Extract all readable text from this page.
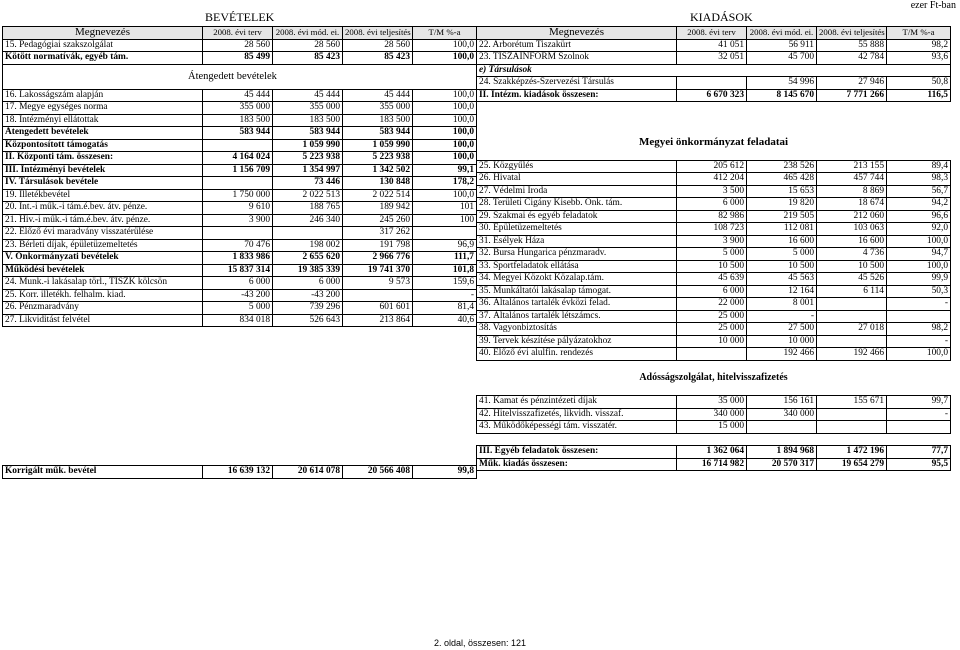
ezer Ft-ban
BEVÉTELEK	KIADÁSOK
Megnevezés	2008. évi terv	2008. évi mód. ei.	2008. évi teljesítés	T/M %-a
15. Pedagógiai szakszolgálat	28 560	28 560	28 560	100,0
Kötött normatívák, egyéb tám.	85 499	85 423	85 423	100,0
Átengedett bevételek				

16. Lakosságszám alapján	45 444	45 444	45 444	100,0
17. Megye egységes norma	355 000	355 000	355 000	100,0
18. Intézményi ellátottak	183 500	183 500	183 500	100,0
Átengedett bevételek	583 944	583 944	583 944	100,0
Központosított támogatás		1 059 990	1 059 990	100,0
II. Központi tám. összesen:	4 164 024	5 223 938	5 223 938	100,0
III. Intézményi bevételek	1 156 709	1 354 997	1 342 502	99,1
IV. Társulások bevétele		73 446	130 848	178,2
19. Illetékbevétel	1 750 000	2 022 513	2 022 514	100,0
20. Int.-i műk.-i tám.é.bev. átv. pénze.	9 610	188 765	189 942	101
21. Hiv.-i műk.-i tám.é.bev. átv. pénze.	3 900	246 340	245 260	100
22. Előző évi maradvány visszatérülése			317 262	
23. Bérleti díjak, épületüzemeltetés	70 476	198 002	191 798	96,9
V. Önkormányzati bevételek	1 833 986	2 655 620	2 966 776	111,7
Működési bevételek	15 837 314	19 385 339	19 741 370	101,8
24. Munk.-i lakásalap törl., TISZK kölcsön	6 000	6 000	9 573	159,6
25. Korr. illetékh. felhalm. kiad.	-43 200	-43 200		-
26. Pénzmaradvány	5 000	739 296	601 601	81,4
27. Likviditást felvétel	834 018	526 643	213 864	40,6

Korrigált műk. bevétel	16 639 132	20 614 078	20 566 408	99,8
Megnevezés	2008. évi terv	2008. évi mód. ei.	2008. évi teljesítés	T/M %-a
22. Arborétum Tiszakürt	41 051	56 911	55 888	98,2
23. TISZAINFORM Szolnok	32 051	45 700	42 784	93,6
e) Társulások				
24. Szakképzés-Szervezési Társulás		54 996	27 946	50,8
II. Intézm. kiadások összesen:	6 670 323	8 145 670	7 771 266	116,5

Megyei önkormányzat feladatai				

25. Közgyűlés	205 612	238 526	213 155	89,4
26. Hivatal	412 204	465 428	457 744	98,3
27. Védelmi Iroda	3 500	15 653	8 869	56,7
28. Területi Cigány Kisebb. Önk. tám.	6 000	19 820	18 674	94,2
29. Szakmai és egyéb feladatok	82 986	219 505	212 060	96,6
30. Épületüzemeltetés	108 723	112 081	103 063	92,0
31. Esélyek Háza	3 900	16 600	16 600	100,0
32. Bursa Hungarica pénzmaradv.	5 000	5 000	4 736	94,7
33. Sportfeladatok ellátása	10 500	10 500	10 500	100,0
34. Megyei Közokt Közalap.tám.	45 639	45 563	45 526	99,9
35. Munkáltatói lakásalap támogat.	6 000	12 164	6 114	50,3
36. Általános tartalék évközi felad.	22 000	8 001		-
37. Általános tartalék létszámcs.	25 000	-		
38. Vagyonbiztosítás	25 000	27 500	27 018	98,2
39. Tervek készítése pályázatokhoz	10 000	10 000		-
40. Előző évi alulfin. rendezés		192 466	192 466	100,0

Adósságszolgálat, hitelvisszafizetés				

41. Kamat és pénzintézeti díjak	35 000	156 161	155 671	99,7
42. Hitelvisszafizetés, likvidh. visszaf.	340 000	340 000		-
43. Működőképességi tám. visszatér.	15 000			

III. Egyéb feladatok összesen:	1 362 064	1 894 968	1 472 196	77,7
Műk. kiadás összesen:	16 714 982	20 570 317	19 654 279	95,5
2. oldal, összesen: 121
